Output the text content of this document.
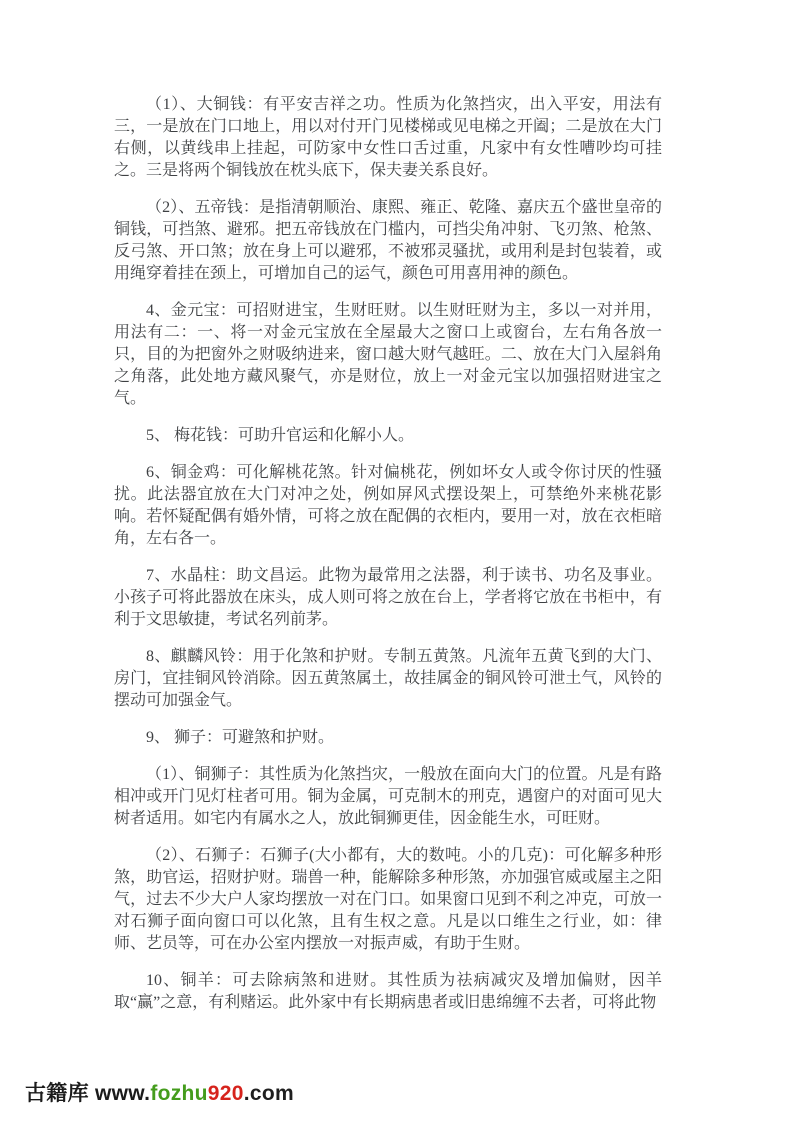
（1）、大铜钱：有平安吉祥之功。性质为化煞挡灾，出入平安，用法有三，一是放在门口地上，用以对付开门见楼梯或见电梯之开阖；二是放在大门右侧，以黄线串上挂起，可防家中女性口舌过重，凡家中有女性嘈吵均可挂之。三是将两个铜钱放在枕头底下，保夫妻关系良好。

（2）、五帝钱：是指清朝顺治、康熙、雍正、乾隆、嘉庆五个盛世皇帝的铜钱，可挡煞、避邪。把五帝钱放在门槛内，可挡尖角冲射、飞刃煞、枪煞、反弓煞、开口煞；放在身上可以避邪，不被邪灵骚扰，或用利是封包装着，或用绳穿着挂在颈上，可增加自己的运气，颜色可用喜用神的颜色。

4、金元宝：可招财进宝，生财旺财。以生财旺财为主，多以一对并用，用法有二：一、将一对金元宝放在全屋最大之窗口上或窗台，左右角各放一只，目的为把窗外之财吸纳进来，窗口越大财气越旺。二、放在大门入屋斜角之角落，此处地方藏风聚气，亦是财位，放上一对金元宝以加强招财进宝之气。

5、 梅花钱：可助升官运和化解小人。

6、铜金鸡：可化解桃花煞。针对偏桃花，例如坏女人或令你讨厌的性骚扰。此法器宜放在大门对冲之处，例如屏风式摆设架上，可禁绝外来桃花影响。若怀疑配偶有婚外情，可将之放在配偶的衣柜内，要用一对，放在衣柜暗角，左右各一。

7、水晶柱：助文昌运。此物为最常用之法器，利于读书、功名及事业。小孩子可将此器放在床头，成人则可将之放在台上，学者将它放在书柜中，有利于文思敏捷，考试名列前茅。

8、麒麟风铃：用于化煞和护财。专制五黄煞。凡流年五黄飞到的大门、房门，宜挂铜风铃消除。因五黄煞属土，故挂属金的铜风铃可泄土气，风铃的摆动可加强金气。

9、 狮子：可避煞和护财。

（1）、铜狮子：其性质为化煞挡灾，一般放在面向大门的位置。凡是有路相冲或开门见灯柱者可用。铜为金属，可克制木的刑克，遇窗户的对面可见大树者适用。如宅内有属水之人，放此铜狮更佳，因金能生水，可旺财。

（2）、石狮子：石狮子(大小都有，大的数吨。小的几克)：可化解多种形煞，助官运，招财护财。瑞兽一种，能解除多种形煞，亦加强官威或屋主之阳气，过去不少大户人家均摆放一对在门口。如果窗口见到不利之冲克，可放一对石狮子面向窗口可以化煞，且有生权之意。凡是以口维生之行业，如：律师、艺员等，可在办公室内摆放一对振声威，有助于生财。

10、铜羊：可去除病煞和进财。其性质为祛病减灾及增加偏财，因羊取“赢”之意，有利赌运。此外家中有长期病患者或旧患绵缠不去者，可将此物

古籍库 www.fozhu920.com
